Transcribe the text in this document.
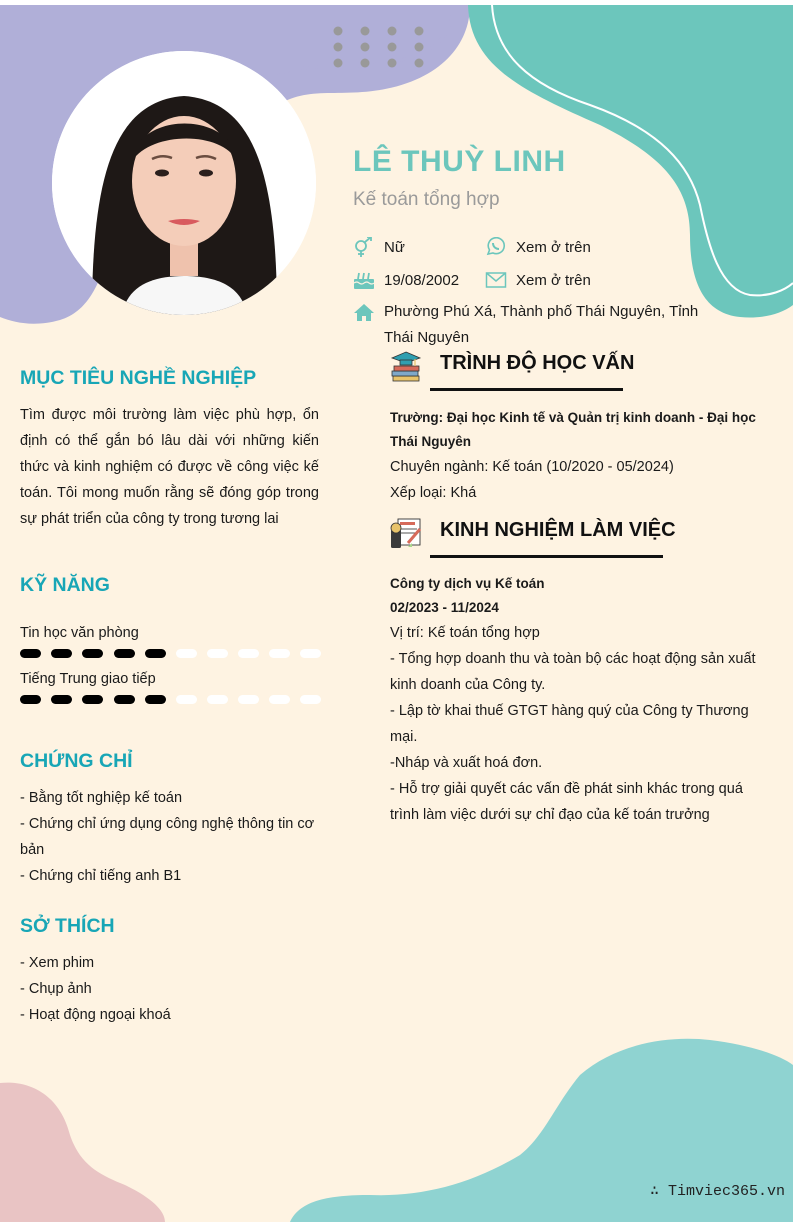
LÊ THUỲ LINH
Kế toán tổng hợp
Nữ	Xem ở trên
19/08/2002	Xem ở trên
Phường Phú Xá, Thành phố Thái Nguyên, Tỉnh Thái Nguyên
MỤC TIÊU NGHỀ NGHIỆP

Tìm được môi trường làm việc phù hợp, ổn định có thể gắn bó lâu dài với những kiến thức và kinh nghiệm có được về công việc kế toán. Tôi mong muốn rằng sẽ đóng góp trong sự phát triển của công ty trong tương lai

KỸ NĂNG
Tin học văn phòng
Tiếng Trung giao tiếp
CHỨNG CHỈ
- Bằng tốt nghiệp kế toán
- Chứng chỉ ứng dụng công nghệ thông tin cơ bản
- Chứng chỉ tiếng anh B1
SỞ THÍCH
- Xem phim
- Chụp ảnh
- Hoạt động ngoại khoá
TRÌNH ĐỘ HỌC VẤN
Trường: Đại học Kinh tế và Quản trị kinh doanh - Đại học Thái Nguyên
Chuyên ngành: Kế toán (10/2020 - 05/2024)
Xếp loại: Khá
KINH NGHIỆM LÀM VIỆC
Công ty dịch vụ Kế toán
02/2023 - 11/2024
Vị trí: Kế toán tổng hợp
- Tổng hợp doanh thu và toàn bộ các hoạt động sản xuất kinh doanh của Công ty.
- Lập tờ khai thuế GTGT hàng quý của Công ty Thương mại.
-Nháp và xuất hoá đơn.
- Hỗ trợ giải quyết các vấn đề phát sinh khác trong quá trình làm việc dưới sự chỉ đạo của kế toán trưởng
∴ Timviec365.vn
